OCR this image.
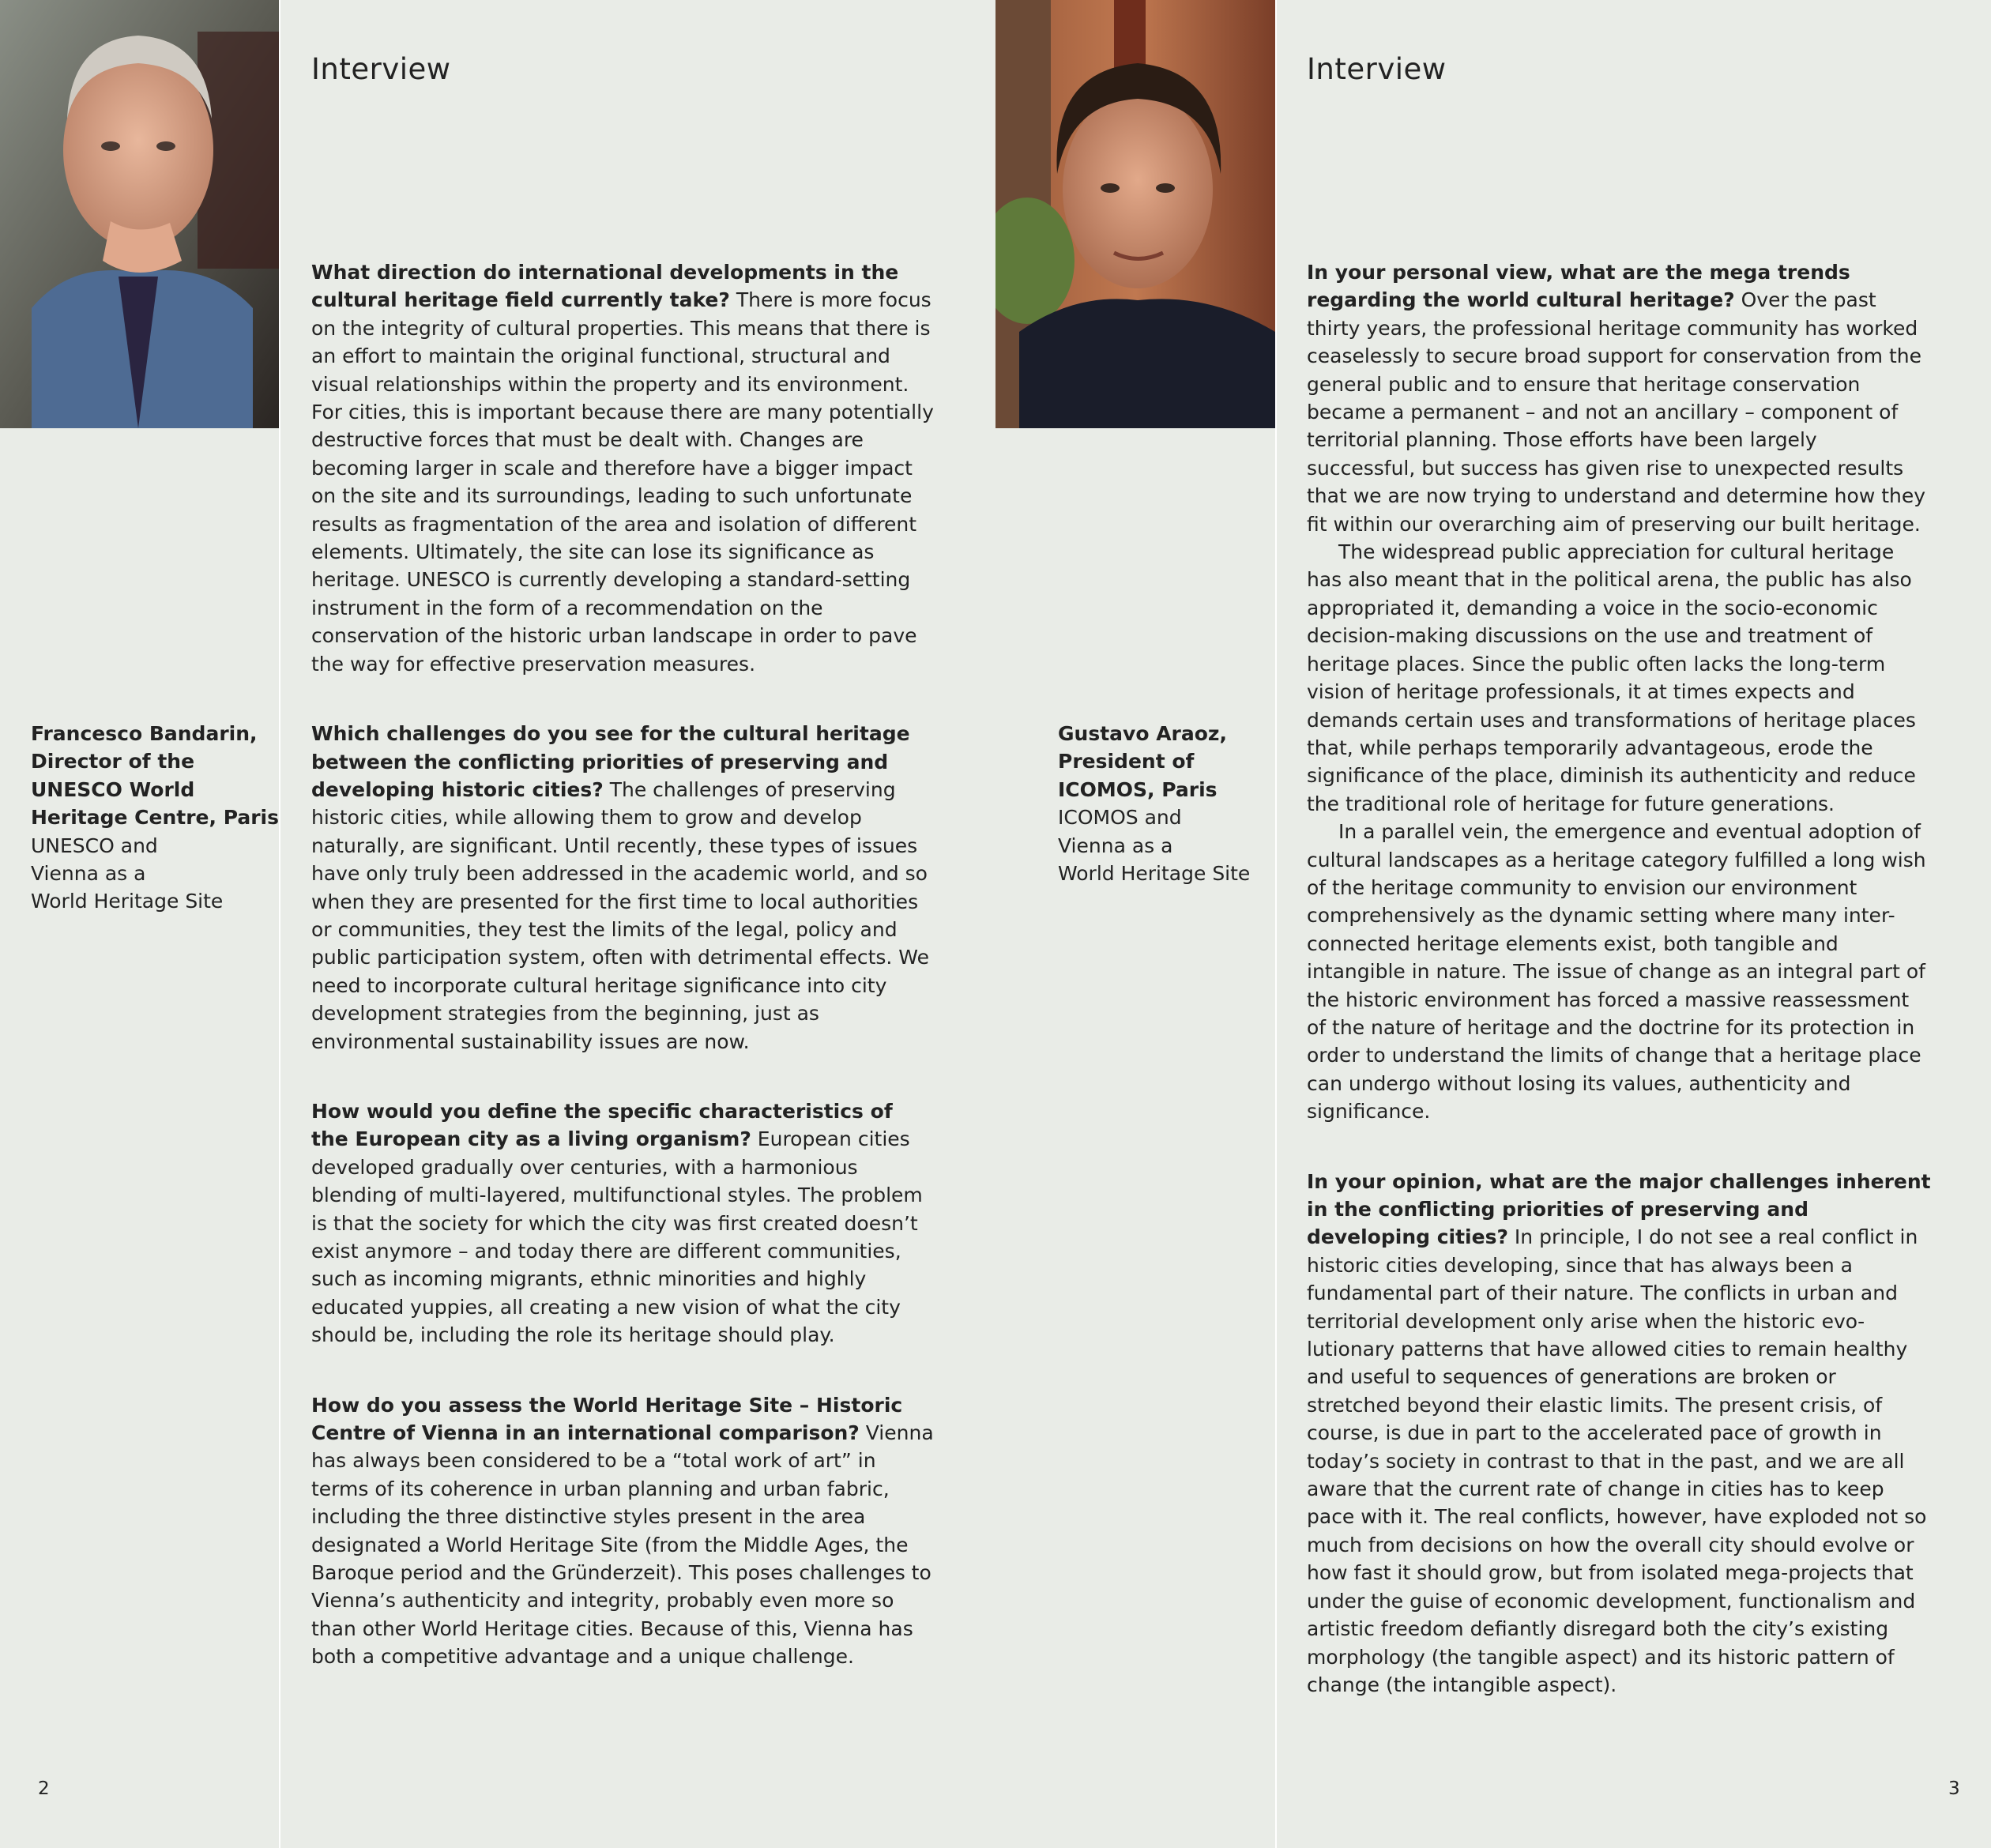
Interview
Francesco Bandarin,
Director of the
UNESCO World
Heritage Centre, Paris
UNESCO and
Vienna as a
World Heritage Site

What direction do international developments in the cultural heritage field currently take? There is more focus on the integrity of cultural properties. This means that there is an effort to maintain the original functional, structural and visual relationships within the property and its environment. For cities, this is important because there are many potentially destructive forces that must be dealt with. Changes are becoming larger in scale and therefore have a bigger impact on the site and its surroundings, leading to such unfortunate results as fragmentation of the area and isolation of different elements. Ultimately, the site can lose its significance as heritage. UNESCO is currently developing a standard-setting instrument in the form of a recommendation on the conservation of the historic urban landscape in order to pave the way for effective preservation measures.

Which challenges do you see for the cultural heritage between the conflicting priorities of preserving and developing historic cities? The challenges of preserving historic cities, while allowing them to grow and develop naturally, are significant. Until recently, these types of issues have only truly been addressed in the academic world, and so when they are presented for the first time to local authorities or communities, they test the limits of the legal, policy and public participation system, often with detrimental effects. We need to incorporate cultural heritage significance into city development strategies from the beginning, just as environmental sustainability issues are now.

How would you define the specific characteristics of the European city as a living organism? European cities developed gradually over centuries, with a harmonious blending of multi-layered, multifunctional styles. The problem is that the society for which the city was first created doesn’t exist anymore – and today there are different communities, such as incoming migrants, ethnic minorities and highly educated yuppies, all creating a new vision of what the city should be, including the role its heritage should play.

How do you assess the World Heritage Site – Historic Centre of Vienna in an international comparison? Vienna has always been considered to be a “total work of art” in terms of its coherence in urban planning and urban fabric, including the three distinctive styles present in the area designated a World Heritage Site (from the Middle Ages, the Baroque period and the Gründerzeit). This poses challenges to Vienna’s authenticity and integrity, probably even more so than other World Heritage cities. Because of this, Vienna has both a competitive advantage and a unique challenge.

2
Interview
Gustavo Araoz,
President of
ICOMOS, Paris
ICOMOS and
Vienna as a
World Heritage Site

In your personal view, what are the mega trends regarding the world cultural heritage? Over the past thirty years, the professional heritage community has worked ceaselessly to secure broad support for conservation from the general public and to ensure that heritage conservation became a permanent – and not an ancillary – component of territorial planning. Those efforts have been largely successful, but success has given rise to unexpected results that we are now trying to understand and determine how they fit within our overarching aim of preserving our built heritage.

The widespread public appreciation for cultural heritage has also meant that in the political arena, the public has also appropriated it, demanding a voice in the socio-economic decision-making discussions on the use and treatment of heritage places. Since the public often lacks the long-term vision of heritage professionals, it at times expects and demands certain uses and transformations of heritage places that, while perhaps temporarily advantageous, erode the significance of the place, diminish its authenticity and reduce the traditional role of heritage for future generations.

In a parallel vein, the emergence and eventual adoption of cultural landscapes as a heritage category fulfilled a long wish of the heritage community to envision our environment comprehensively as the dynamic setting where many inter-connected heritage elements exist, both tangible and intangible in nature. The issue of change as an integral part of the historic environment has forced a massive reassessment of the nature of heritage and the doctrine for its protection in order to understand the limits of change that a heritage place can undergo without losing its values, authenticity and significance.

In your opinion, what are the major challenges inherent in the conflicting priorities of preserving and developing cities? In principle, I do not see a real conflict in historic cities developing, since that has always been a fundamental part of their nature. The conflicts in urban and territorial development only arise when the historic evolutionary patterns that have allowed cities to remain healthy and useful to sequences of generations are broken or stretched beyond their elastic limits. The present crisis, of course, is due in part to the accelerated pace of growth in today’s society in contrast to that in the past, and we are all aware that the current rate of change in cities has to keep pace with it. The real conflicts, however, have exploded not so much from decisions on how the overall city should evolve or how fast it should grow, but from isolated mega-projects that under the guise of economic development, functionalism and artistic freedom defiantly disregard both the city’s existing morphology (the tangible aspect) and its historic pattern of change (the intangible aspect).

3
